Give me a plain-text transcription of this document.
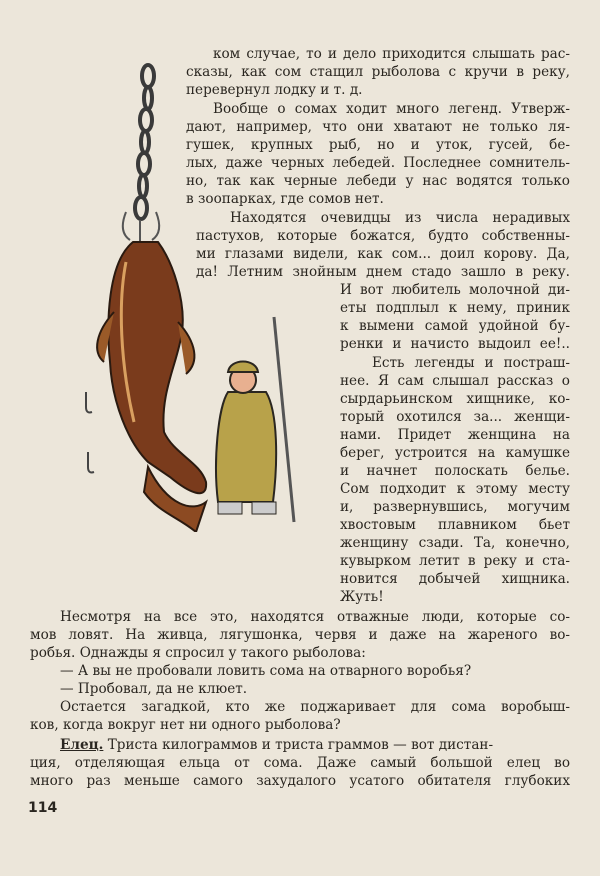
ком случае, то и дело приходится слышать рас-
сказы, как сом стащил рыболова с кручи в реку,
перевернул лодку и т. д.
Вообще о сомах ходит много легенд. Утверж-
дают, например, что они хватают не только ля-
гушек, крупных рыб, но и уток, гусей, бе-
лых, даже черных лебедей. Последнее сомнитель-
но, так как черные лебеди у нас водятся только
в зоопарках, где сомов нет.
Находятся очевидцы из числа нерадивых
пастухов, которые божатся, будто собственны-
ми глазами видели, как сом... доил корову. Да,
да! Летним знойным днем стадо зашло в реку.
И вот любитель молочной ди-
еты подплыл к нему, приник
к вымени самой удойной бу-
ренки и начисто выдоил ее!..
Есть легенды и пострaш-
нее. Я сам слышал рассказ о
сырдарьинском хищнике, ко-
торый охотился за... женщи-
нами. Придет женщина на
берег, устроится на камушке
и начнет полоскать белье.
Сом подходит к этому месту
и, развернувшись, могучим
хвостовым плавником бьет
женщину сзади. Та, конечно,
кувырком летит в реку и ста-
новится добычей хищника.
Жуть!
Несмотря на все это, находятся отважные люди, которые со-
мов ловят. На живца, лягушонка, червя и даже на жареного во-
робья. Однажды я спросил у такого рыболова:
— А вы не пробовали ловить сома на отварного воробья?
— Пробовал, да не клюет.
Остается загадкой, кто же поджаривает для сома воробыш-
ков, когда вокруг нет ни одного рыболова?
Елец. Триста килограммов и триста граммов — вот дистан-
ция, отделяющая ельца от сома. Даже самый большой елец во
много раз меньше самого захудалого усатого обитателя глубоких
114
